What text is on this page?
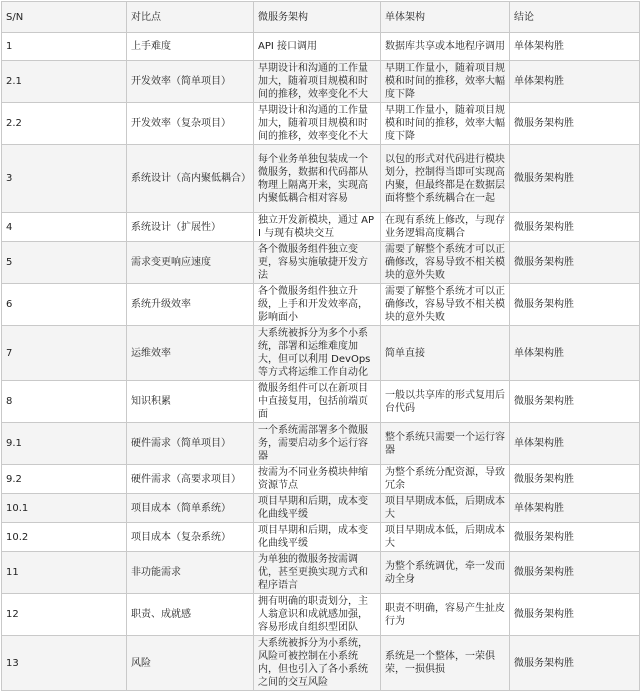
S/N	对比点	微服务架构	单体架构	结论
1	上手难度	API 接口调用	数据库共享或本地程序调用	单体架构胜
2.1	开发效率（简单项目）	早期设计和沟通的工作量加大，随着项目规模和时间的推移，效率变化不大	早期工作量小，随着项目规模和时间的推移，效率大幅度下降	单体架构胜
2.2	开发效率（复杂项目）	早期设计和沟通的工作量加大，随着项目规模和时间的推移，效率变化不大	早期工作量小，随着项目规模和时间的推移，效率大幅度下降	微服务架构胜
3	系统设计（高内聚低耦合）	每个业务单独包装成一个微服务，数据和代码都从物理上隔离开来，实现高内聚低耦合相对容易	以包的形式对代码进行模块划分，控制得当即可实现高内聚，但最终都是在数据层面将整个系统耦合在一起	微服务架构胜
4	系统设计（扩展性）	独立开发新模块，通过 API 与现有模块交互	在现有系统上修改，与现存业务逻辑高度耦合	微服务架构胜
5	需求变更响应速度	各个微服务组件独立变更，容易实施敏捷开发方法	需要了解整个系统才可以正确修改，容易导致不相关模块的意外失败	微服务架构胜
6	系统升级效率	各个微服务组件独立升级，上手和开发效率高，影响面小	需要了解整个系统才可以正确修改，容易导致不相关模块的意外失败	微服务架构胜
7	运维效率	大系统被拆分为多个小系统，部署和运维难度加大，但可以利用 DevOps 等方式将运维工作自动化	简单直接	单体架构胜
8	知识积累	微服务组件可以在新项目中直接复用，包括前端页面	一般以共享库的形式复用后台代码	微服务架构胜
9.1	硬件需求（简单项目）	一个系统需部署多个微服务，需要启动多个运行容器	整个系统只需要一个运行容器	单体架构胜
9.2	硬件需求（高要求项目）	按需为不同业务模块伸缩资源节点	为整个系统分配资源，导致冗余	微服务架构胜
10.1	项目成本（简单系统）	项目早期和后期，成本变化曲线平缓	项目早期成本低，后期成本大	单体架构胜
10.2	项目成本（复杂系统）	项目早期和后期，成本变化曲线平缓	项目早期成本低，后期成本大	微服务架构胜
11	非功能需求	为单独的微服务按需调优，甚至更换实现方式和程序语言	为整个系统调优，牵一发而动全身	微服务架构胜
12	职责、成就感	拥有明确的职责划分，主人翁意识和成就感加强，容易形成自组织型团队	职责不明确，容易产生扯皮行为	微服务架构胜
13	风险	大系统被拆分为小系统，风险可被控制在小系统内，但也引入了各小系统之间的交互风险	系统是一个整体，一荣俱荣，一损俱损	微服务架构胜
